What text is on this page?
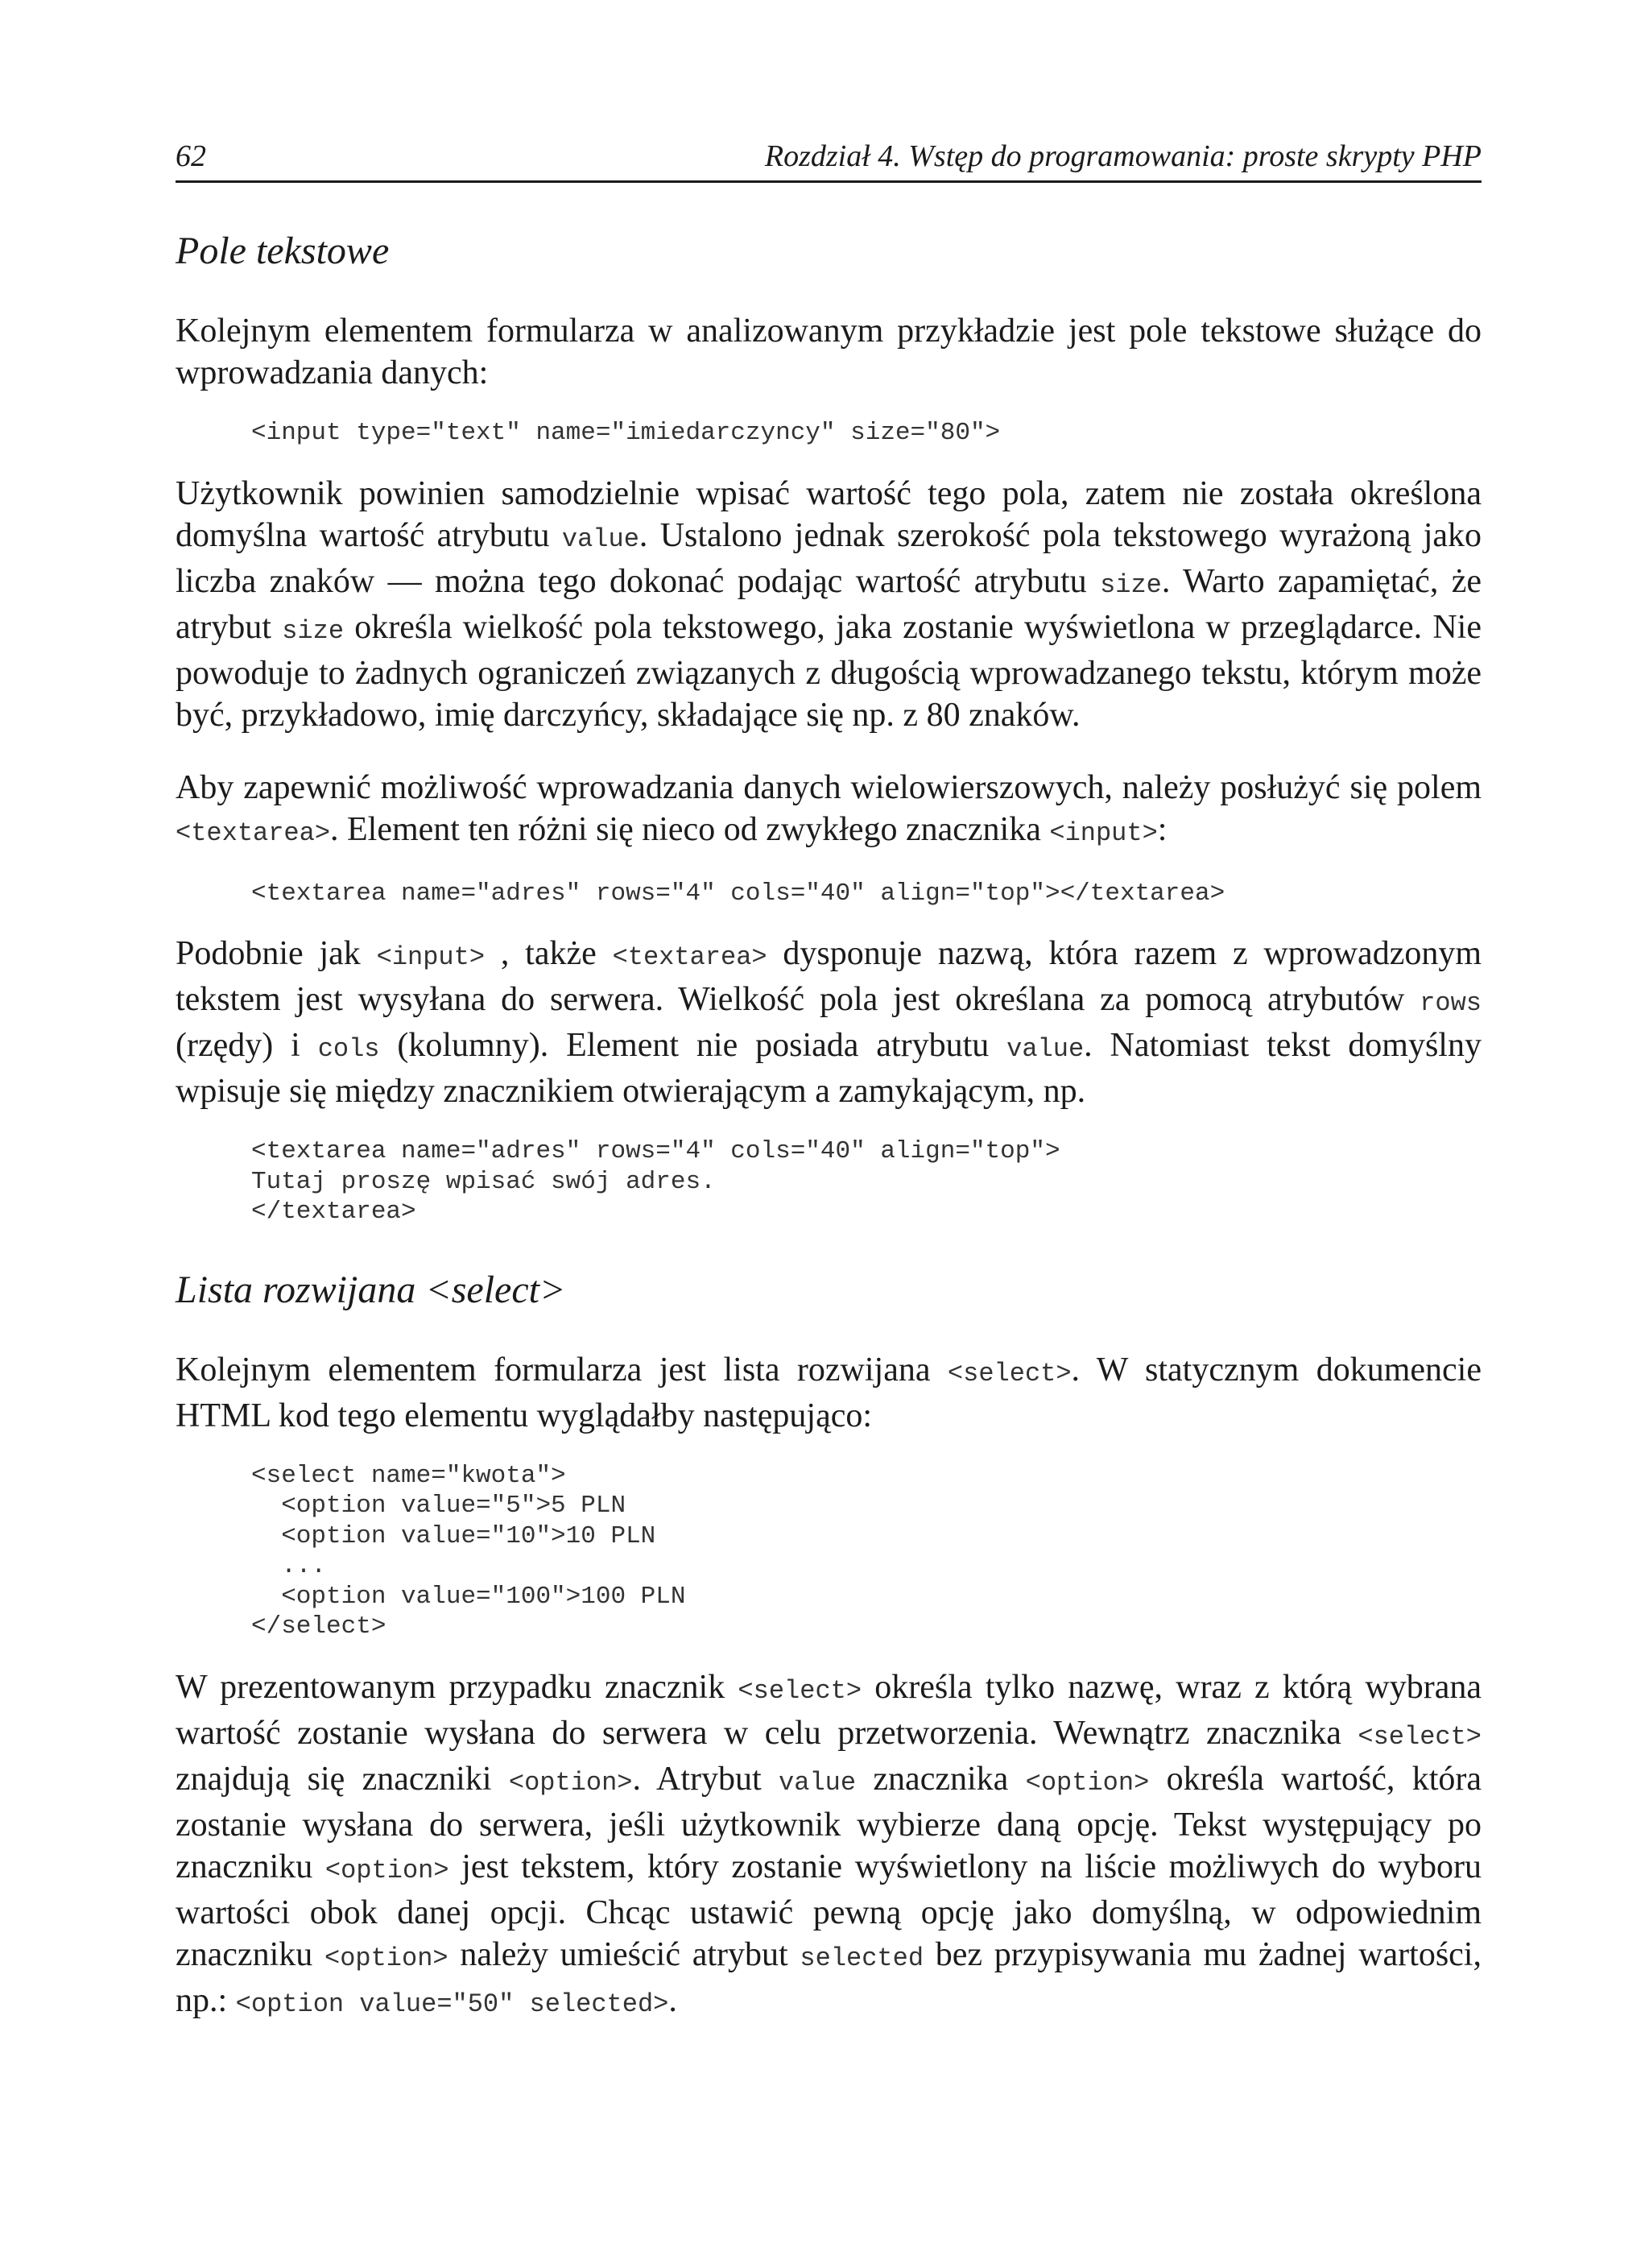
62	Rozdział 4. Wstęp do programowania: proste skrypty PHP
Pole tekstowe

Kolejnym elementem formularza w analizowanym przykładzie jest pole tekstowe służące do wprowadzania danych:

<input type="text" name="imiedarczyncy" size="80">

Użytkownik powinien samodzielnie wpisać wartość tego pola, zatem nie została określona domyślna wartość atrybutu value. Ustalono jednak szerokość pola tekstowego wyrażoną jako liczba znaków — można tego dokonać podając wartość atrybutu size. Warto zapamiętać, że atrybut size określa wielkość pola tekstowego, jaka zostanie wyświetlona w przeglądarce. Nie powoduje to żadnych ograniczeń związanych z długością wprowadzanego tekstu, którym może być, przykładowo, imię darczyńcy, składające się np. z 80 znaków.

Aby zapewnić możliwość wprowadzania danych wielowierszowych, należy posłużyć się polem <textarea>. Element ten różni się nieco od zwykłego znacznika <input>:

<textarea name="adres" rows="4" cols="40" align="top"></textarea>

Podobnie jak <input> , także <textarea> dysponuje nazwą, która razem z wprowadzonym tekstem jest wysyłana do serwera. Wielkość pola jest określana za pomocą atrybutów rows (rzędy) i cols (kolumny). Element nie posiada atrybutu value. Natomiast tekst domyślny wpisuje się między znacznikiem otwierającym a zamykającym, np.

<textarea name="adres" rows="4" cols="40" align="top">
Tutaj proszę wpisać swój adres.
</textarea>
Lista rozwijana <select>

Kolejnym elementem formularza jest lista rozwijana <select>. W statycznym dokumencie HTML kod tego elementu wyglądałby następująco:

<select name="kwota">
<option value="5">5 PLN
<option value="10">10 PLN
...
<option value="100">100 PLN
</select>

W prezentowanym przypadku znacznik <select> określa tylko nazwę, wraz z którą wybrana wartość zostanie wysłana do serwera w celu przetworzenia. Wewnątrz znacznika <select> znajdują się znaczniki <option>. Atrybut value znacznika <option> określa wartość, która zostanie wysłana do serwera, jeśli użytkownik wybierze daną opcję. Tekst występujący po znaczniku <option> jest tekstem, który zostanie wyświetlony na liście możliwych do wyboru wartości obok danej opcji. Chcąc ustawić pewną opcję jako domyślną, w odpowiednim znaczniku <option> należy umieścić atrybut selected bez przypisywania mu żadnej wartości, np.: <option value="50" selected>.
